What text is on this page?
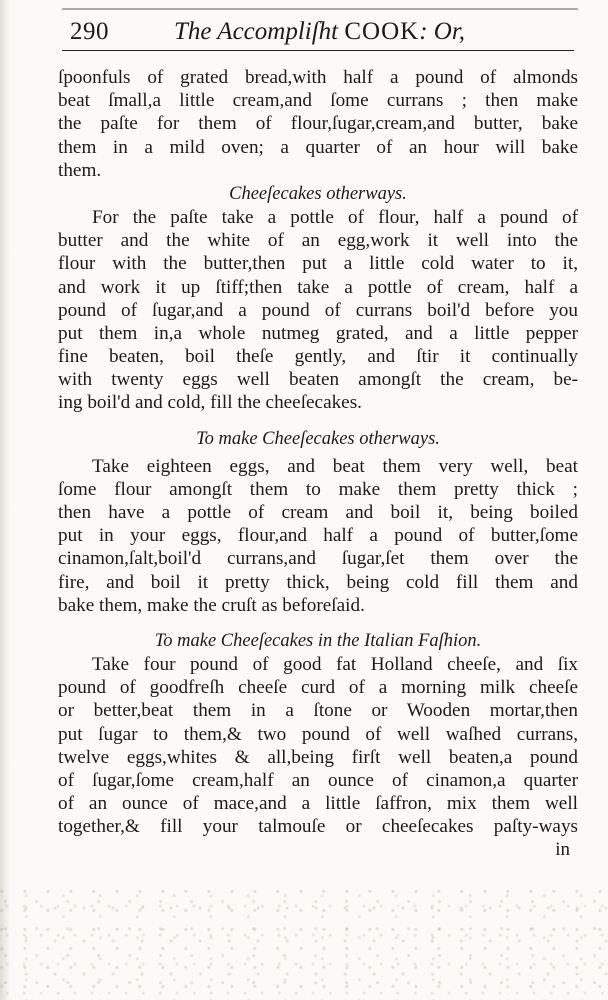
290	The Accompliſht COOK: Or,
ſpoonfuls of grated bread,with half a pound of almonds
beat ſmall,a little cream,and ſome currans ; then make
the paſte for them of flour,ſugar,cream,and butter, bake
them in a mild oven; a quarter of an hour will bake
them.
Cheeſecakes otherways.
For the paſte take a pottle of flour, half a pound of
butter and the white of an egg,work it well into the
flour with the butter,then put a little cold water to it,
and work it up ſtiff;then take a pottle of cream, half a
pound of ſugar,and a pound of currans boil'd before you
put them in,a whole nutmeg grated, and a little pepper
fine beaten, boil theſe gently, and ſtir it continually
with twenty eggs well beaten amongſt the cream, be-
ing boil'd and cold, fill the cheeſecakes.
To make Cheeſecakes otherways.
Take eighteen eggs, and beat them very well, beat
ſome flour amongſt them to make them pretty thick ;
then have a pottle of cream and boil it, being boiled
put in your eggs, flour,and half a pound of butter,ſome
cinamon,ſalt,boil'd currans,and ſugar,ſet them over the
fire, and boil it pretty thick, being cold fill them and
bake them, make the cruſt as beforeſaid.
To make Cheeſecakes in the Italian Faſhion.
Take four pound of good fat Holland cheeſe, and ſix
pound of goodfreſh cheeſe curd of a morning milk cheeſe
or better,beat them in a ſtone or Wooden mortar,then
put ſugar to them,& two pound of well waſhed currans,
twelve eggs,whites & all,being firſt well beaten,a pound
of ſugar,ſome cream,half an ounce of cinamon,a quarter
of an ounce of mace,and a little ſaffron, mix them well
together,& fill your talmouſe or cheeſecakes paſty-ways
in
